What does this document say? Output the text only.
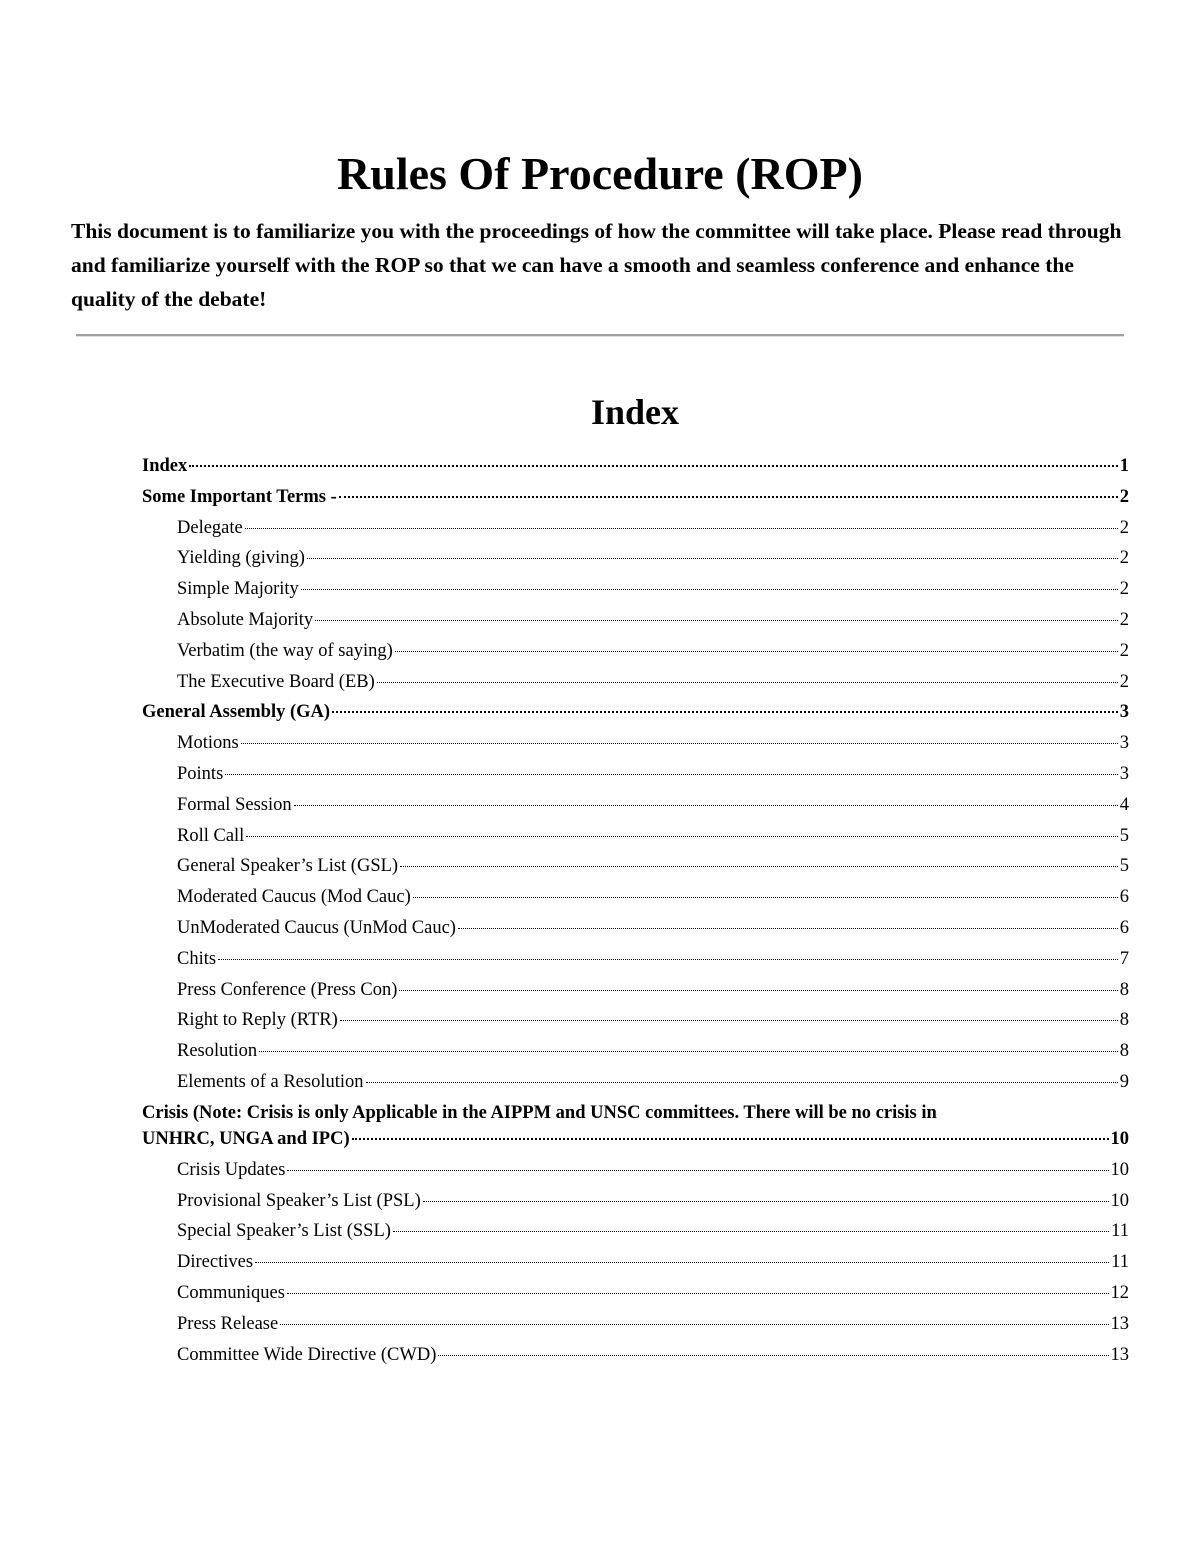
Rules Of Procedure (ROP)

This document is to familiarize you with the proceedings of how the committee will take place. Please read through and familiarize yourself with the ROP so that we can have a smooth and seamless conference and enhance the quality of the debate!

Index
Index	1
Some Important Terms -	2
Delegate	2
Yielding (giving)	2
Simple Majority	2
Absolute Majority	2
Verbatim (the way of saying)	2
The Executive Board (EB)	2
General Assembly (GA)	3
Motions	3
Points	3
Formal Session	4
Roll Call	5
General Speaker’s List (GSL)	5
Moderated Caucus (Mod Cauc)	6
UnModerated Caucus (UnMod Cauc)	6
Chits	7
Press Conference (Press Con)	8
Right to Reply (RTR)	8
Resolution	8
Elements of a Resolution	9
Crisis (Note: Crisis is only Applicable in the AIPPM and UNSC committees. There will be no crisis in
UNHRC, UNGA and IPC)	10
Crisis Updates	10
Provisional Speaker’s List (PSL)	10
Special Speaker’s List (SSL)	11
Directives	11
Communiques	12
Press Release	13
Committee Wide Directive (CWD)	13
